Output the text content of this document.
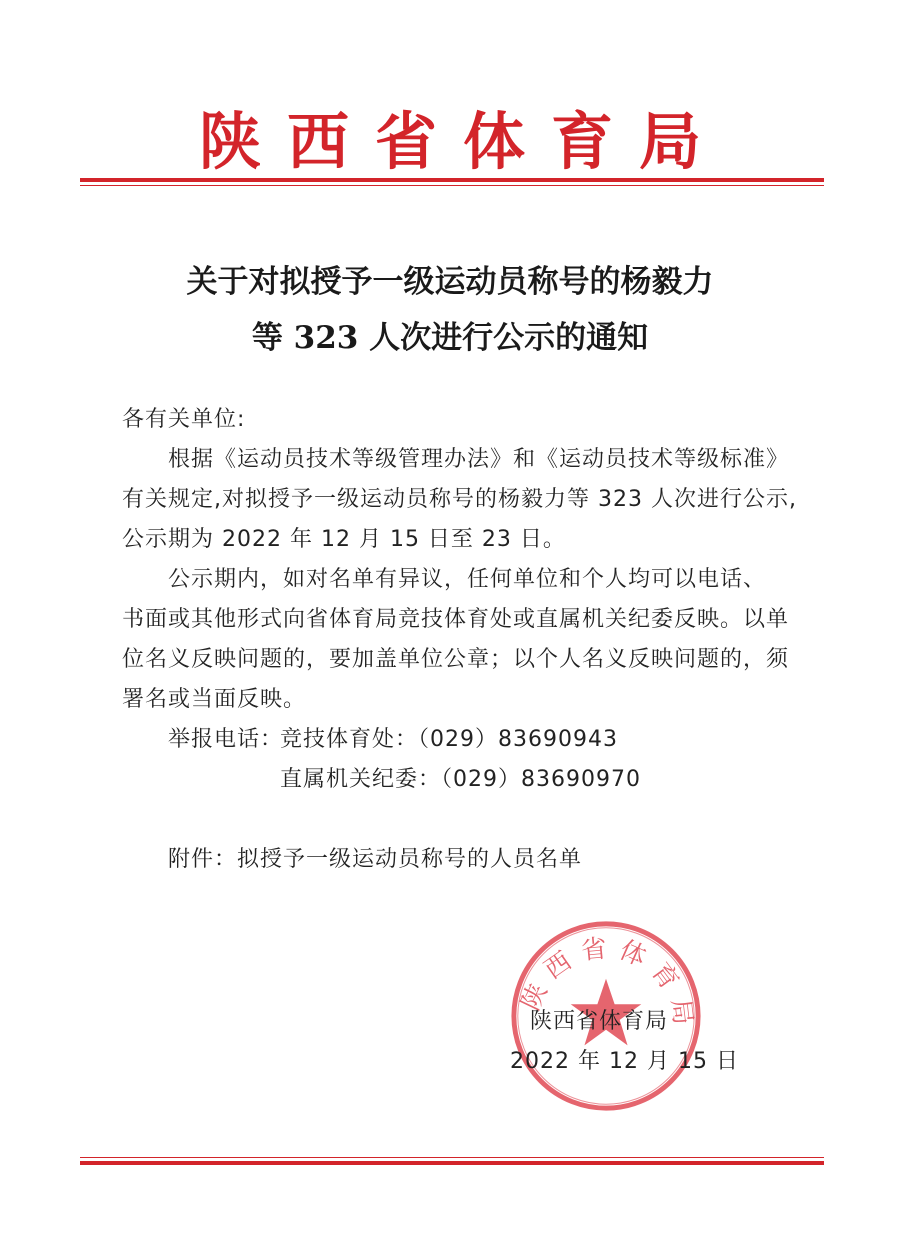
陕西省体育局
关于对拟授予一级运动员称号的杨毅力
等 323 人次进行公示的通知
各有关单位:
根据《运动员技术等级管理办法》和《运动员技术等级标准》
有关规定,对拟授予一级运动员称号的杨毅力等 323 人次进行公示,
公示期为 2022 年 12 月 15 日至 23 日。
公示期内，如对名单有异议，任何单位和个人均可以电话、
书面或其他形式向省体育局竞技体育处或直属机关纪委反映。以单
位名义反映问题的，要加盖单位公章；以个人名义反映问题的，须
署名或当面反映。
举报电话：
竞技体育处：（029）83690943
直属机关纪委：（029）83690970
附件：拟授予一级运动员称号的人员名单
陕西省体育局
陕西省体育局
2022 年 12 月 15 日
